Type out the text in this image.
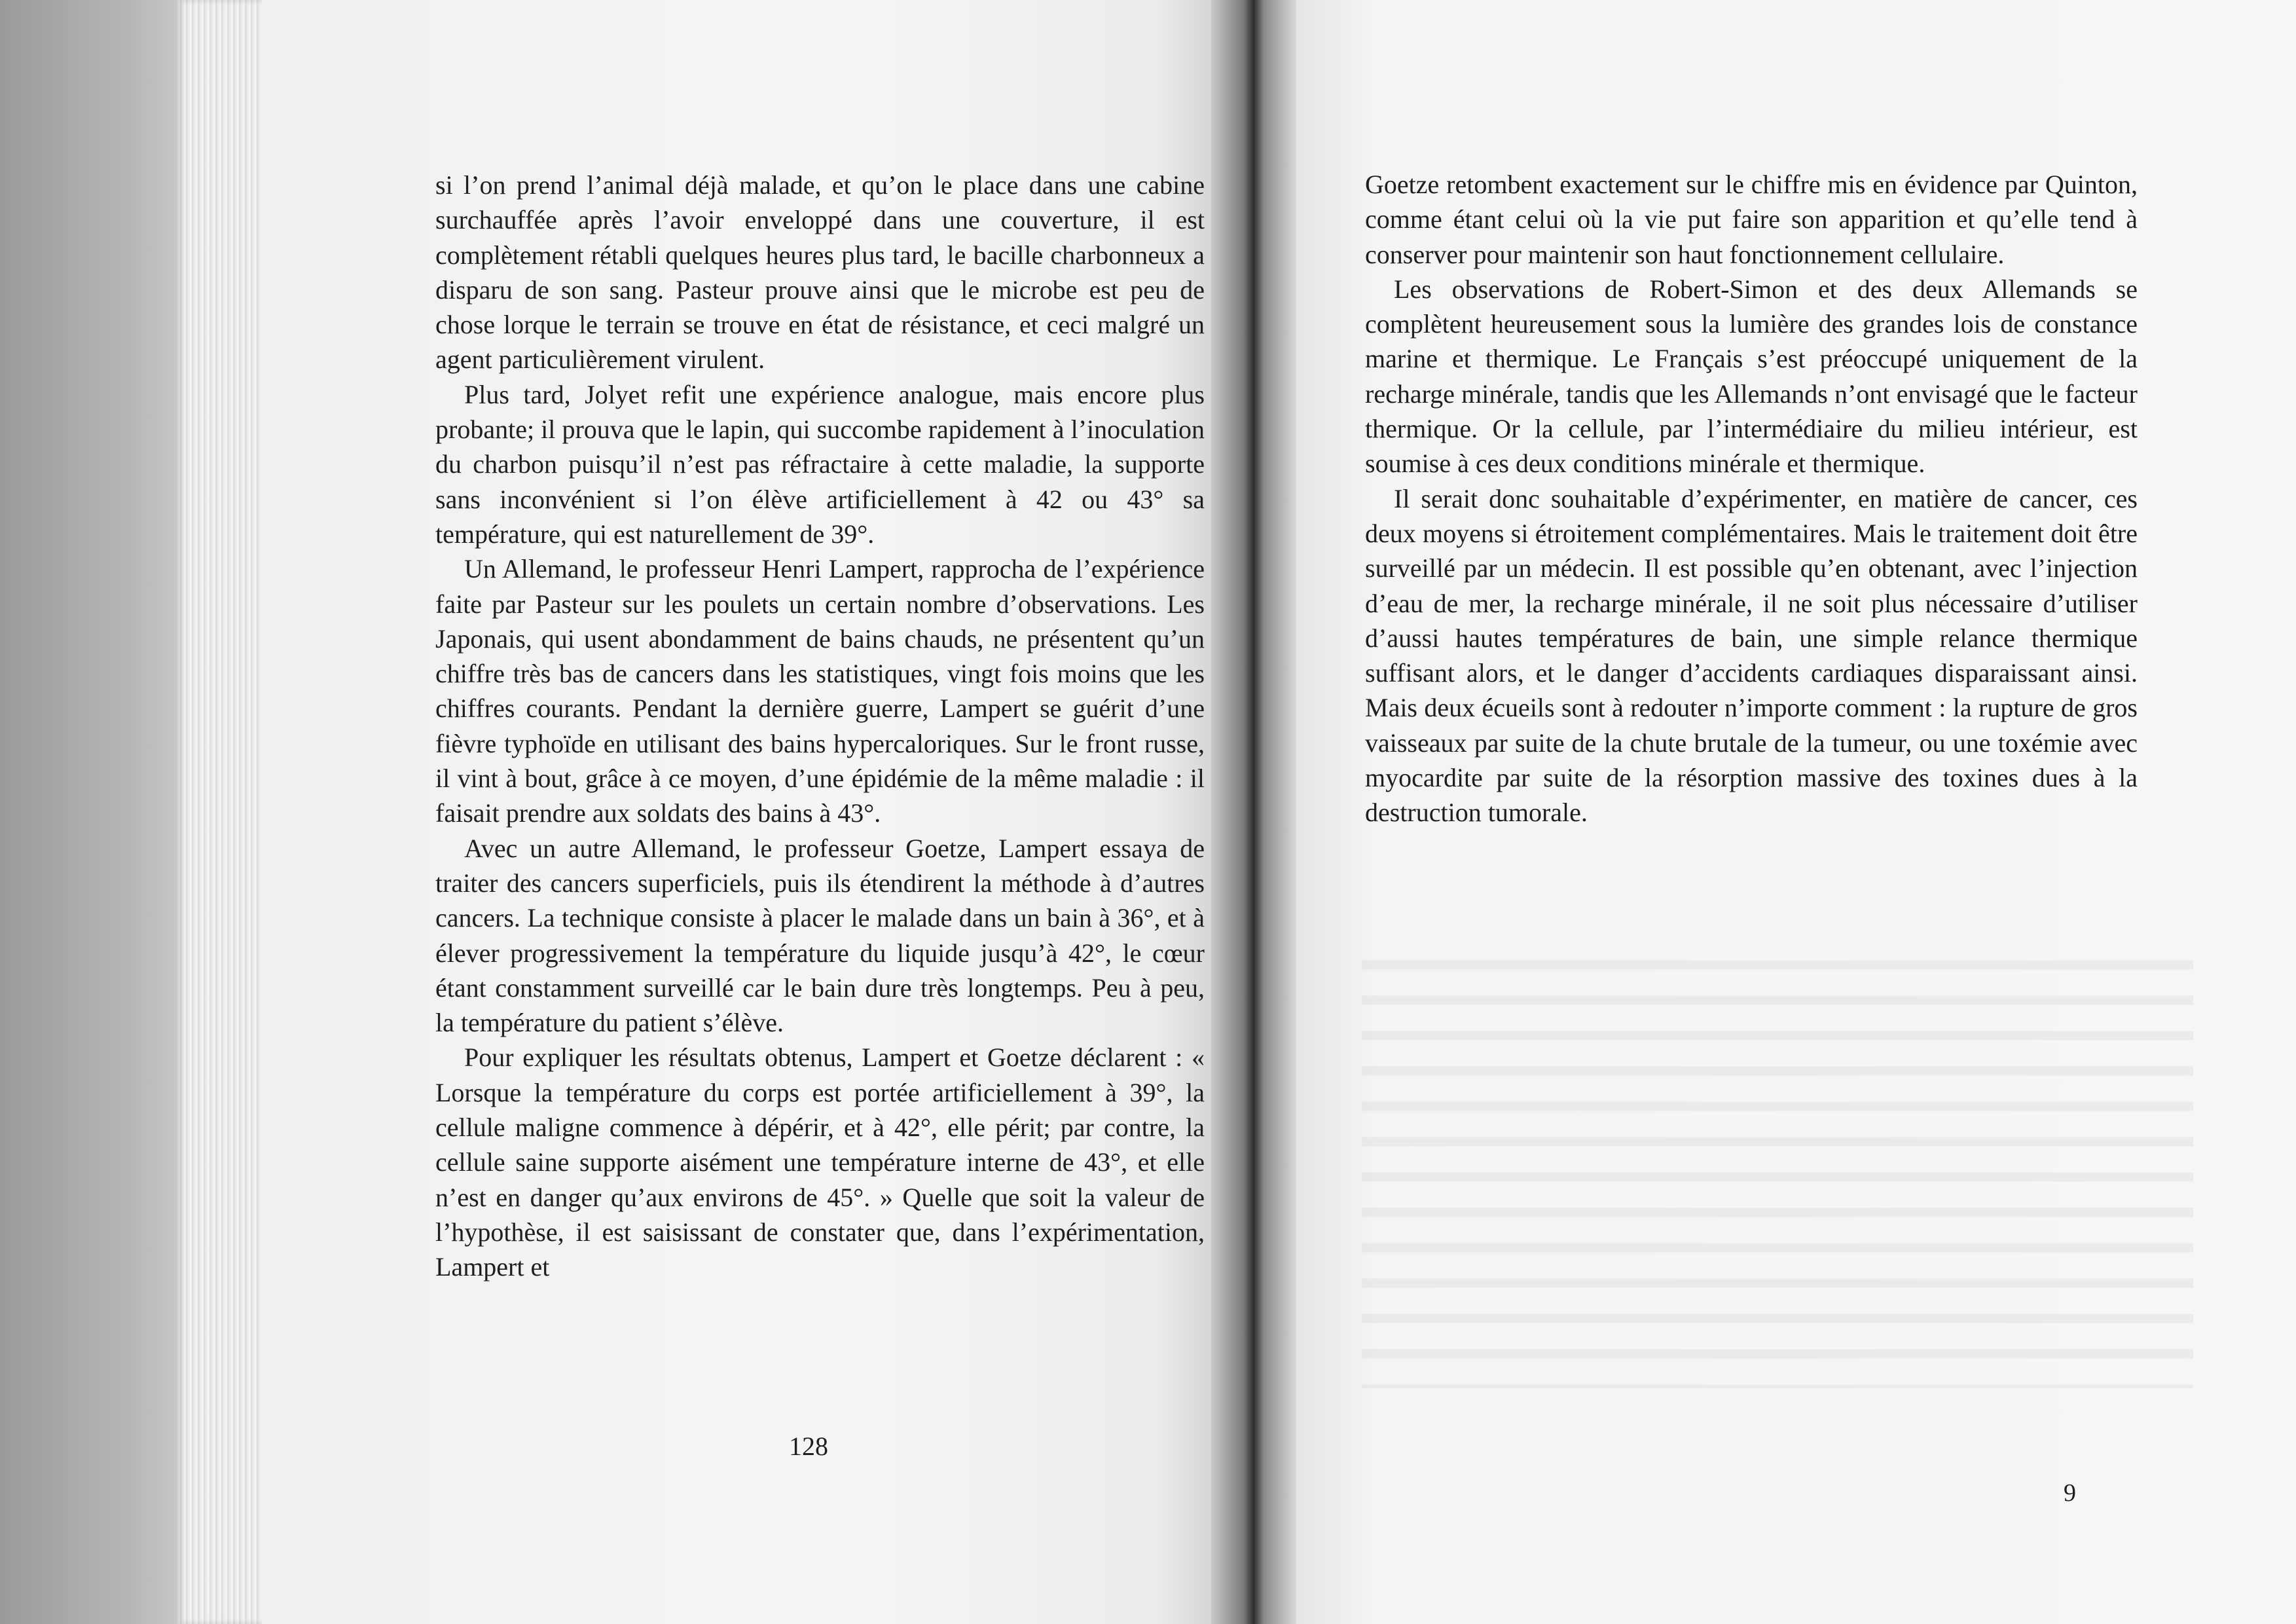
si l’on prend l’animal déjà malade, et qu’on le place dans une cabine surchauffée après l’avoir enveloppé dans une couverture, il est complètement rétabli quelques heures plus tard, le bacille charbonneux a disparu de son sang. Pasteur prouve ainsi que le microbe est peu de chose lorque le terrain se trouve en état de résistance, et ceci malgré un agent particulièrement virulent.

Plus tard, Jolyet refit une expérience analogue, mais encore plus probante; il prouva que le lapin, qui succombe rapidement à l’inoculation du charbon puisqu’il n’est pas réfractaire à cette maladie, la supporte sans inconvénient si l’on élève artificiellement à 42 ou 43° sa température, qui est naturellement de 39°.

Un Allemand, le professeur Henri Lampert, rapprocha de l’expérience faite par Pasteur sur les poulets un certain nombre d’observations. Les Japonais, qui usent abondamment de bains chauds, ne présentent qu’un chiffre très bas de cancers dans les statistiques, vingt fois moins que les chiffres courants. Pendant la dernière guerre, Lampert se guérit d’une fièvre typhoïde en utilisant des bains hypercaloriques. Sur le front russe, il vint à bout, grâce à ce moyen, d’une épidémie de la même maladie : il faisait prendre aux soldats des bains à 43°.

Avec un autre Allemand, le professeur Goetze, Lampert essaya de traiter des cancers superficiels, puis ils étendirent la méthode à d’autres cancers. La technique consiste à placer le malade dans un bain à 36°, et à élever progressivement la température du liquide jusqu’à 42°, le cœur étant constamment surveillé car le bain dure très longtemps. Peu à peu, la température du patient s’élève.

Pour expliquer les résultats obtenus, Lampert et Goetze déclarent : « Lorsque la température du corps est portée artificiellement à 39°, la cellule maligne commence à dépérir, et à 42°, elle périt; par contre, la cellule saine supporte aisément une température interne de 43°, et elle n’est en danger qu’aux environs de 45°. » Quelle que soit la valeur de l’hypothèse, il est saisissant de constater que, dans l’expérimentation, Lampert et

128

Goetze retombent exactement sur le chiffre mis en évidence par Quinton, comme étant celui où la vie put faire son apparition et qu’elle tend à conserver pour maintenir son haut fonctionnement cellulaire.

Les observations de Robert-Simon et des deux Allemands se complètent heureusement sous la lumière des grandes lois de constance marine et thermique. Le Français s’est préoccupé uniquement de la recharge minérale, tandis que les Allemands n’ont envisagé que le facteur thermique. Or la cellule, par l’intermédiaire du milieu intérieur, est soumise à ces deux conditions minérale et thermique.

Il serait donc souhaitable d’expérimenter, en matière de cancer, ces deux moyens si étroitement complémentaires. Mais le traitement doit être surveillé par un médecin. Il est possible qu’en obtenant, avec l’injection d’eau de mer, la recharge minérale, il ne soit plus nécessaire d’utiliser d’aussi hautes températures de bain, une simple relance thermique suffisant alors, et le danger d’accidents cardiaques disparaissant ainsi. Mais deux écueils sont à redouter n’importe comment : la rupture de gros vaisseaux par suite de la chute brutale de la tumeur, ou une toxémie avec myocardite par suite de la résorption massive des toxines dues à la destruction tumorale.

9
